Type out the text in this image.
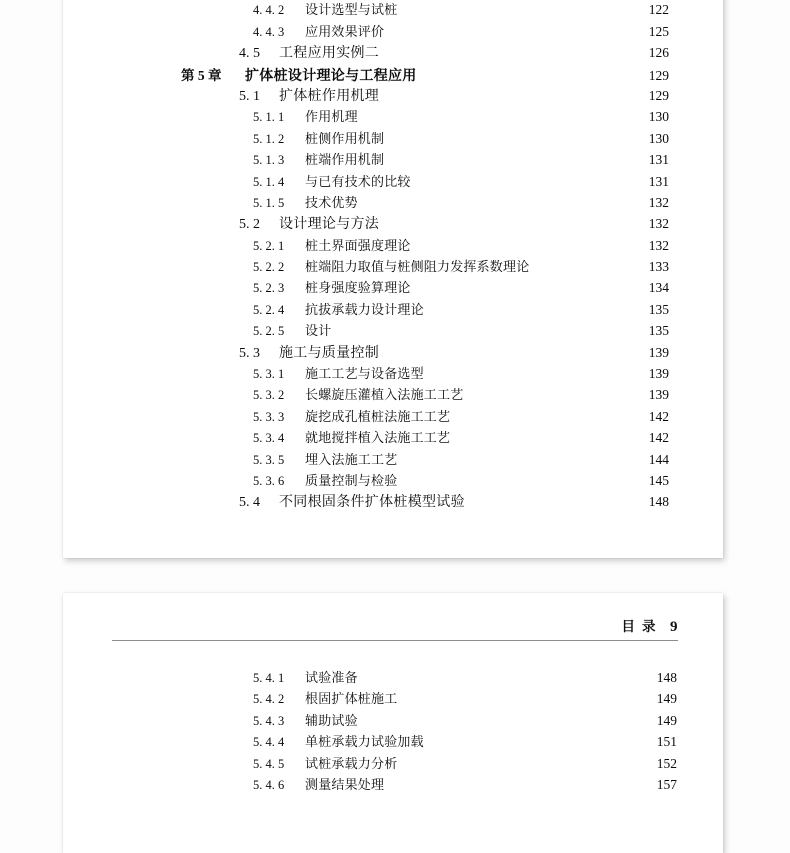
4. 4. 2	设计选型与试桩	122
4. 4. 3	应用效果评价	125
4. 5	工程应用实例二	126
第 5 章	扩体桩设计理论与工程应用	129
5. 1	扩体桩作用机理	129
5. 1. 1	作用机理	130
5. 1. 2	桩侧作用机制	130
5. 1. 3	桩端作用机制	131
5. 1. 4	与已有技术的比较	131
5. 1. 5	技术优势	132
5. 2	设计理论与方法	132
5. 2. 1	桩土界面强度理论	132
5. 2. 2	桩端阻力取值与桩侧阻力发挥系数理论	133
5. 2. 3	桩身强度验算理论	134
5. 2. 4	抗拔承载力设计理论	135
5. 2. 5	设计	135
5. 3	施工与质量控制	139
5. 3. 1	施工工艺与设备选型	139
5. 3. 2	长螺旋压灌植入法施工工艺	139
5. 3. 3	旋挖成孔植桩法施工工艺	142
5. 3. 4	就地搅拌植入法施工工艺	142
5. 3. 5	埋入法施工工艺	144
5. 3. 6	质量控制与检验	145
5. 4	不同根固条件扩体桩模型试验	148
目录 9
5. 4. 1	试验准备	148
5. 4. 2	根固扩体桩施工	149
5. 4. 3	辅助试验	149
5. 4. 4	单桩承载力试验加载	151
5. 4. 5	试桩承载力分析	152
5. 4. 6	测量结果处理	157
